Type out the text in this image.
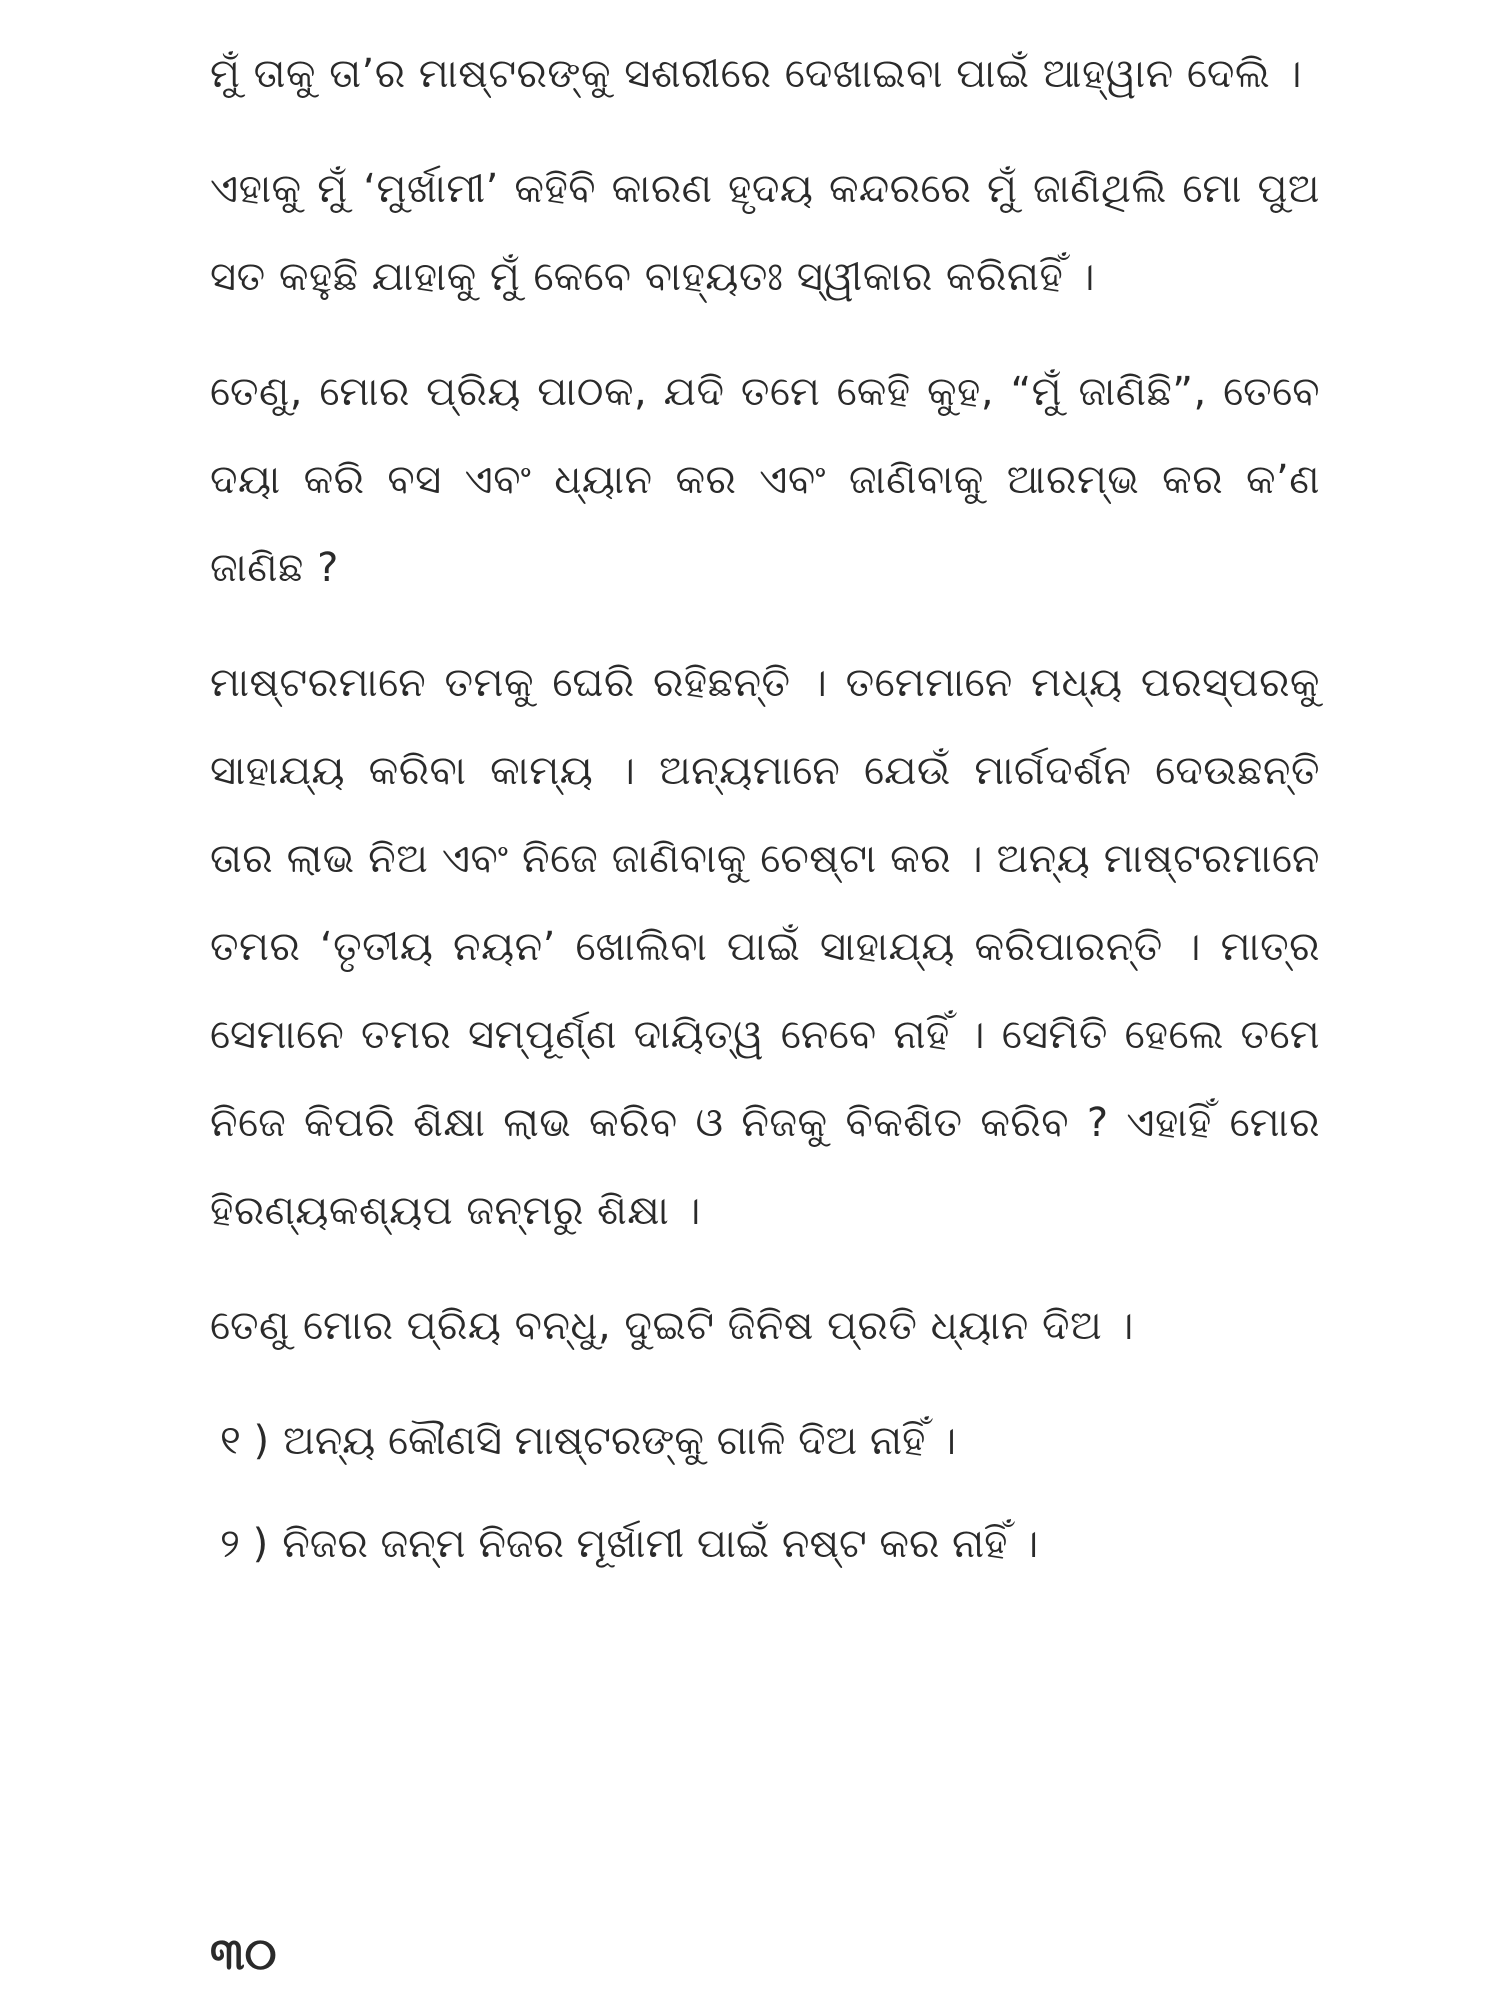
ମୁଁ ତାକୁ ତା’ର ମାଷ୍ଟରଙ୍କୁ ସଶରୀରେ ଦେଖାଇବା ପାଇଁ ଆହ୍ୱାନ ଦେଲି ।

ଏହାକୁ ମୁଁ ‘ମୁର୍ଖାମୀ’ କହିବି କାରଣ ହୃଦୟ କନ୍ଦରରେ ମୁଁ ଜାଣିଥିଲି ମୋ ପୁଅ ସତ କହୁଛି ଯାହାକୁ ମୁଁ କେବେ ବାହ୍ୟତଃ ସ୍ୱୀକାର କରିନାହିଁ ।

ତେଣୁ, ମୋର ପ୍ରିୟ ପାଠକ, ଯଦି ତମେ କେହି କୁହ, “ମୁଁ ଜାଣିଛି”, ତେବେ ଦୟା କରି ବସ ଏବଂ ଧ୍ୟାନ କର ଏବଂ ଜାଣିବାକୁ ଆରମ୍ଭ କର କ’ଣ ଜାଣିଛ ?

ମାଷ୍ଟରମାନେ ତମକୁ ଘେରି ରହିଛନ୍ତି । ତମେମାନେ ମଧ୍ୟ ପରସ୍ପରକୁ ସାହାଯ୍ୟ କରିବା କାମ୍ୟ । ଅନ୍ୟମାନେ ଯେଉଁ ମାର୍ଗଦର୍ଶନ ଦେଉଛନ୍ତି ତାର ଲାଭ ନିଅ ଏବଂ ନିଜେ ଜାଣିବାକୁ ଚେଷ୍ଟା କର । ଅନ୍ୟ ମାଷ୍ଟରମାନେ ତମର ‘ତୃତୀୟ ନୟନ’ ଖୋଲିବା ପାଇଁ ସାହାଯ୍ୟ କରିପାରନ୍ତି । ମାତ୍ର ସେମାନେ ତମର ସମ୍ପୂର୍ଣ୍ଣ ଦାୟିତ୍ୱ ନେବେ ନାହିଁ । ସେମିତି ହେଲେ ତମେ ନିଜେ କିପରି ଶିକ୍ଷା ଲାଭ କରିବ ଓ ନିଜକୁ ବିକଶିତ କରିବ ? ଏହାହିଁ ମୋର ହିରଣ୍ୟକଶ୍ୟପ ଜନ୍ମରୁ ଶିକ୍ଷା ।

ତେଣୁ ମୋର ପ୍ରିୟ ବନ୍ଧୁ, ଦୁଇଟି ଜିନିଷ ପ୍ରତି ଧ୍ୟାନ ଦିଅ ।

୧ ) ଅନ୍ୟ କୌଣସି ମାଷ୍ଟରଙ୍କୁ ଗାଳି ଦିଅ ନାହିଁ ।
୨ ) ନିଜର ଜନ୍ମ ନିଜର ମୂର୍ଖାମୀ ପାଇଁ ନଷ୍ଟ କର ନାହିଁ ।
୩୦
